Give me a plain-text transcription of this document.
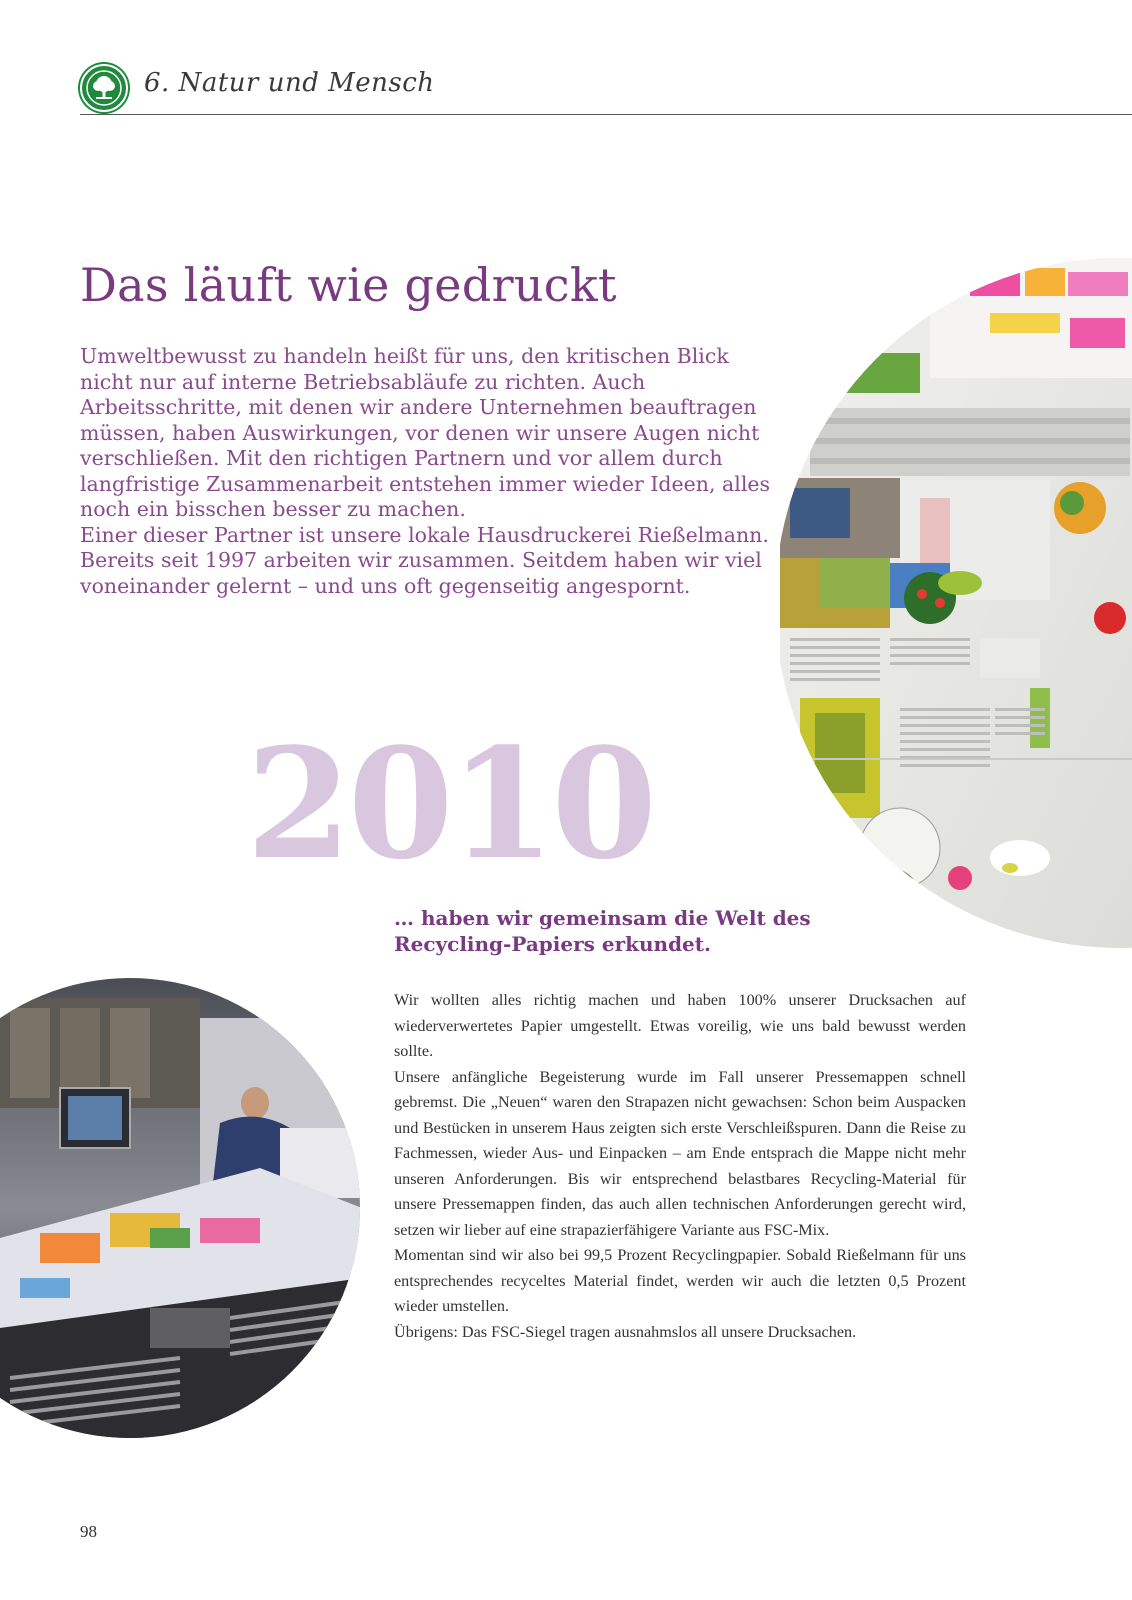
6. Natur und Mensch
Das läuft wie gedruckt

Umweltbewusst zu handeln heißt für uns, den kritischen Blick nicht nur auf interne Betriebsabläufe zu richten. Auch Arbeitsschritte, mit denen wir andere Unternehmen beauftragen müssen, haben Auswirkungen, vor denen wir unsere Augen nicht verschließen. Mit den richtigen Partnern und vor allem durch langfristige Zusammenarbeit entstehen immer wieder Ideen, alles noch ein bisschen besser zu machen.

Einer dieser Partner ist unsere lokale Hausdruckerei Rießelmann. Bereits seit 1997 arbeiten wir zusammen. Seitdem haben wir viel voneinander gelernt – und uns oft gegenseitig angespornt.

2010
… haben wir gemeinsam die Welt des Recycling-Papiers erkundet.

Wir wollten alles richtig machen und haben 100% unserer Drucksachen auf wiederverwertetes Papier umgestellt. Etwas voreilig, wie uns bald bewusst werden sollte.

Unsere anfängliche Begeisterung wurde im Fall unserer Pressemappen schnell gebremst. Die „Neuen“ waren den Strapazen nicht gewachsen: Schon beim Auspacken und Bestücken in unserem Haus zeigten sich erste Verschleißspuren. Dann die Reise zu Fachmessen, wieder Aus- und Einpacken – am Ende entsprach die Mappe nicht mehr unseren Anforderungen. Bis wir entsprechend belastbares Recycling-Material für unsere Pressemappen finden, das auch allen technischen Anforderungen gerecht wird, setzen wir lieber auf eine strapazierfähigere Variante aus FSC-Mix.

Momentan sind wir also bei 99,5 Prozent Recyclingpapier. Sobald Rießelmann für uns entsprechendes recyceltes Material findet, werden wir auch die letzten 0,5 Prozent wieder umstellen.

Übrigens: Das FSC-Siegel tragen ausnahmslos all unsere Drucksachen.

98
